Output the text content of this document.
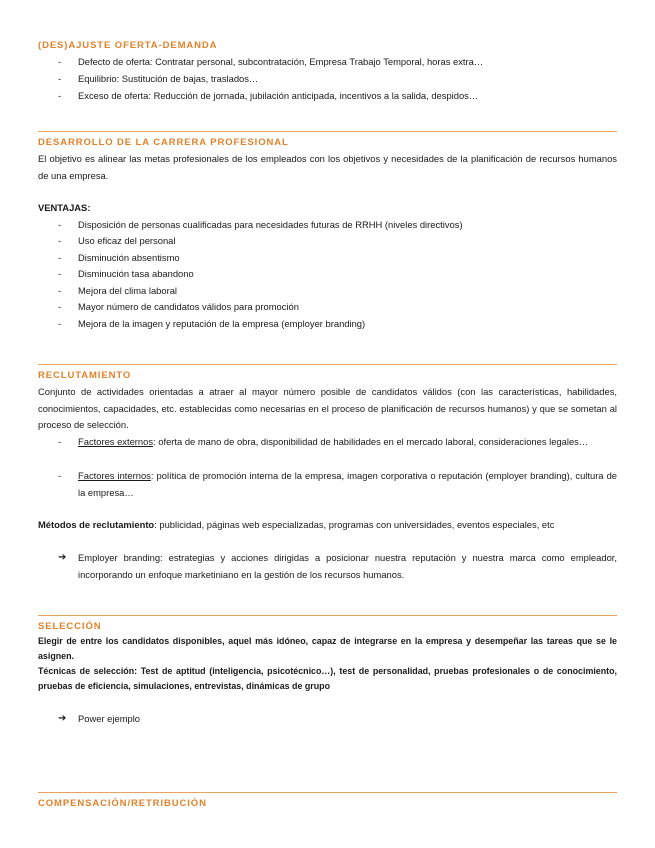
(DES)AJUSTE OFERTA-DEMANDA
-	Defecto de oferta: Contratar personal, subcontratación, Empresa Trabajo Temporal, horas extra…
-	Equilibrio: Sustitución de bajas, traslados…
-	Exceso de oferta: Reducción de jornada, jubilación anticipada, incentivos a la salida, despidos…
DESARROLLO DE LA CARRERA PROFESIONAL
El objetivo es alinear las metas profesionales de los empleados con los objetivos y necesidades de la planificación de recursos humanos de una empresa.
VENTAJAS:
-	Disposición de personas cualificadas para necesidades futuras de RRHH (niveles directivos)
-	Uso eficaz del personal
-	Disminución absentismo
-	Disminución tasa abandono
-	Mejora del clima laboral
-	Mayor número de candidatos válidos para promoción
-	Mejora de la imagen y reputación de la empresa (employer branding)
RECLUTAMIENTO
Conjunto de actividades orientadas a atraer al mayor número posible de candidatos válidos (con las características, habilidades, conocimientos, capacidades, etc. establecidas como necesarias en el proceso de planificación de recursos humanos) y que se sometan al proceso de selección.
-	Factores externos: oferta de mano de obra, disponibilidad de habilidades en el mercado laboral, consideraciones legales…
-	Factores internos: política de promoción interna de la empresa, imagen corporativa o reputación (employer branding), cultura de la empresa…
Métodos de reclutamiento: publicidad, páginas web especializadas, programas con universidades, eventos especiales, etc
➔ Employer branding: estrategias y acciones dirigidas a posicionar nuestra reputación y nuestra marca como empleador, incorporando un enfoque marketiniano en la gestión de los recursos humanos.
SELECCIÓN
Elegir de entre los candidatos disponibles, aquel más idóneo, capaz de integrarse en la empresa y desempeñar las tareas que se le asignen.
Técnicas de selección: Test de aptitud (inteligencia, psicotécnico…), test de personalidad, pruebas profesionales o de conocimiento, pruebas de eficiencia, simulaciones, entrevistas, dinámicas de grupo
➔ Power ejemplo
COMPENSACIÓN/RETRIBUCIÓN
